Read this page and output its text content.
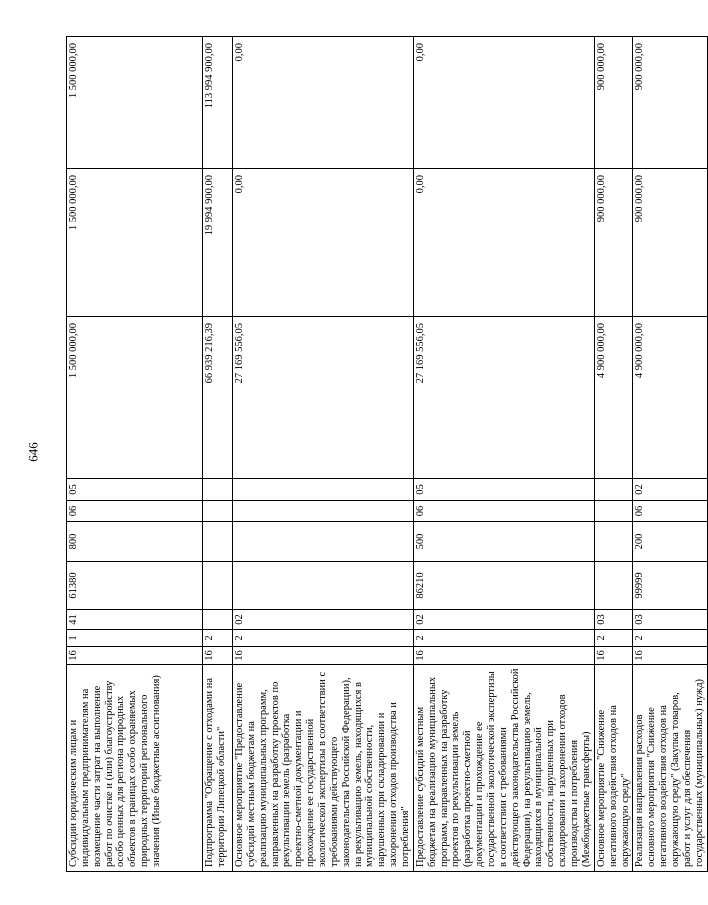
646
Субсидии юридическим лицам и индивидуальным предпринимателям на возмещение части затрат на выполнение работ по очистке и (или) благоустройству особо ценных для региона природных объектов в границах особо охраняемых природных территорий регионального значения (Иные бюджетные ассигнования)	16	1	41	61380	800	06	05	1 500 000,00	1 500 000,00	1 500 000,00
Подпрограмма "Обращение с отходами на территории Липецкой области"	16	2						66 939 216,39	19 994 900,00	113 994 900,00
Основное мероприятие "Предоставление субсидий местным бюджетам на реализацию муниципальных программ, направленных на разработку проектов по рекультивации земель (разработка проектно-сметной документации и прохождение ее государственной экологической экспертизы в соответствии с требованиями действующего законодательства Российской Федерации), на рекультивацию земель, находящихся в муниципальной собственности, нарушенных при складировании и захоронении отходов производства и потребления"	16	2	02					27 169 556,05	0,00	0,00
Предоставление субсидий местным бюджетам на реализацию муниципальных программ, направленных на разработку проектов по рекультивации земель (разработка проектно-сметной документации и прохождение ее государственной экологической экспертизы в соответствии с требованиями действующего законодательства Российской Федерации), на рекультивацию земель, находящихся в муниципальной собственности, нарушенных при складировании и захоронении отходов производства и потребления (Межбюджетные трансферты)	16	2	02	86210	500	06	05	27 169 556,05	0,00	0,00
Основное мероприятие "Снижение негативного воздействия отходов на окружающую среду"	16	2	03					4 900 000,00	900 000,00	900 000,00
Реализация направления расходов основного мероприятия "Снижение негативного воздействия отходов на окружающую среду" (Закупка товаров, работ и услуг для обеспечения государственных (муниципальных) нужд)	16	2	03	99999	200	06	02	4 900 000,00	900 000,00	900 000,00
